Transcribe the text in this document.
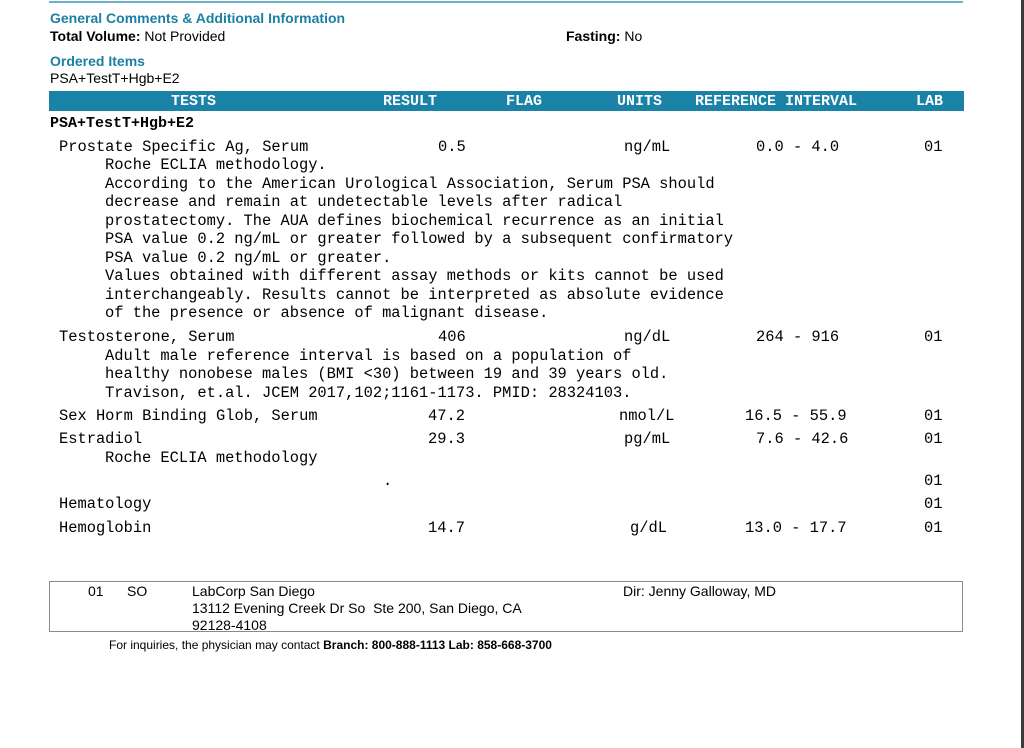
General Comments & Additional Information
Total Volume: Not Provided	Fasting: No
Ordered Items
PSA+TestT+Hgb+E2
TESTS	RESULT	FLAG	UNITS REFERENCE INTERVAL	LAB
PSA+TestT+Hgb+E2
Prostate Specific Ag, Serum	0.5	ng/mL	0.0 - 4.0	01
Roche ECLIA methodology.
According to the American Urological Association, Serum PSA should
decrease and remain at undetectable levels after radical
prostatectomy. The AUA defines biochemical recurrence as an initial
PSA value 0.2 ng/mL or greater followed by a subsequent confirmatory
PSA value 0.2 ng/mL or greater.
Values obtained with different assay methods or kits cannot be used
interchangeably. Results cannot be interpreted as absolute evidence
of the presence or absence of malignant disease.
Testosterone, Serum	406	ng/dL	264 - 916	01
Adult male reference interval is based on a population of
healthy nonobese males (BMI <30) between 19 and 39 years old.
Travison, et.al. JCEM 2017,102;1161-1173. PMID: 28324103.
Sex Horm Binding Glob, Serum	47.2	nmol/L	16.5 - 55.9	01
Estradiol	29.3	pg/mL	7.6 - 42.6	01
Roche ECLIA methodology
.	01
Hematology	01
Hemoglobin	14.7	g/dL	13.0 - 17.7	01
01 SO	LabCorp San Diego
13112 Evening Creek Dr So  Ste 200, San Diego, CA
92128-4108
Dir: Jenny Galloway, MD
For inquiries, the physician may contact Branch: 800-888-1113 Lab: 858-668-3700
